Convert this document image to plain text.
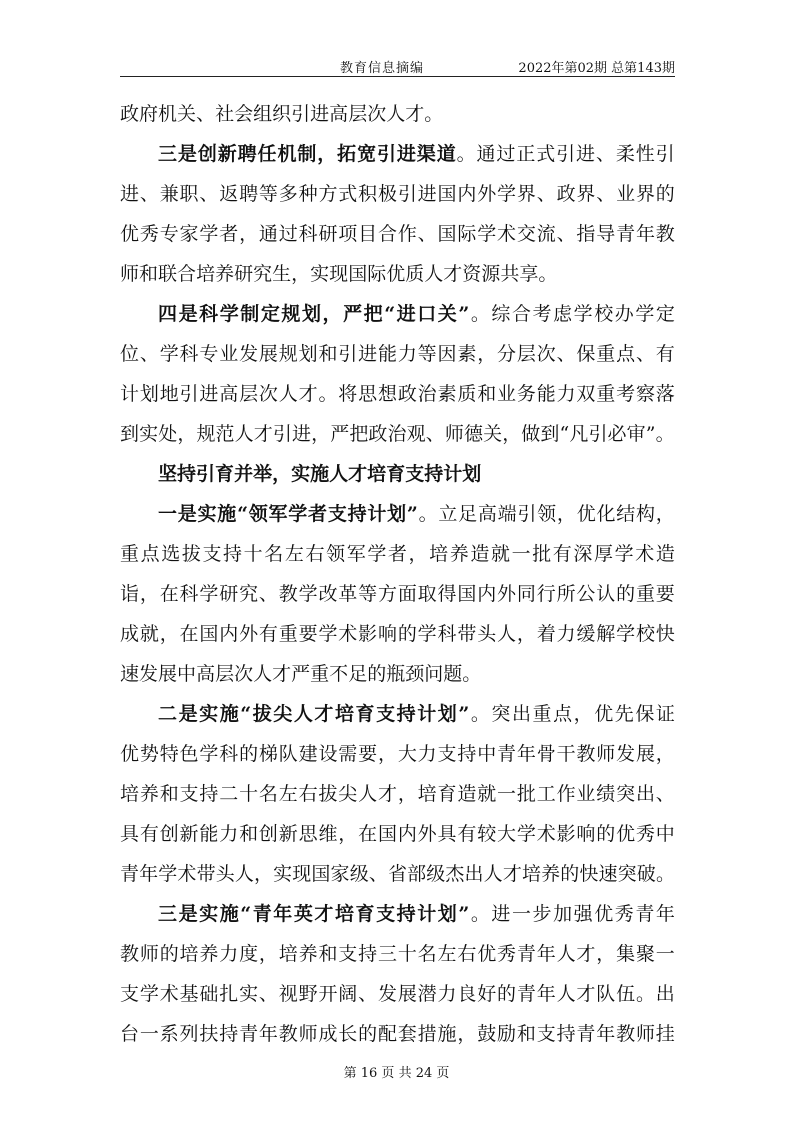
教育信息摘编	2022年第02期 总第143期
政 府 机 关 、 社 会 组 织 引 进 高 层 次 人 才 。
三 是 创 新 聘 任 机 制 ， 拓 宽 引 进 渠 道 。 通 过 正 式 引 进 、 柔 性 引
进 、 兼 职 、 返 聘 等 多 种 方 式 积 极 引 进 国 内 外 学 界 、 政 界 、 业 界 的
优 秀 专 家 学 者 ， 通 过 科 研 项 目 合 作 、 国 际 学 术 交 流 、 指 导 青 年 教
师 和 联 合 培 养 研 究 生 ， 实 现 国 际 优 质 人 才 资 源 共 享 。
四 是 科 学 制 定 规 划 ， 严 把 “ 进 口 关 ” 。 综 合 考 虑 学 校 办 学 定
位 、 学 科 专 业 发 展 规 划 和 引 进 能 力 等 因 素 ， 分 层 次 、 保 重 点 、 有
计 划 地 引 进 高 层 次 人 才 。 将 思 想 政 治 素 质 和 业 务 能 力 双 重 考 察 落
到 实 处 ， 规 范 人 才 引 进 ， 严 把 政 治 观 、 师 德 关 ， 做 到 “ 凡 引 必 审 ” 。
坚 持 引 育 并 举 ， 实 施 人 才 培 育 支 持 计 划
一 是 实 施 “ 领 军 学 者 支 持 计 划 ” 。 立 足 高 端 引 领 ， 优 化 结 构 ，
重 点 选 拔 支 持 十 名 左 右 领 军 学 者 ， 培 养 造 就 一 批 有 深 厚 学 术 造
诣 ， 在 科 学 研 究 、 教 学 改 革 等 方 面 取 得 国 内 外 同 行 所 公 认 的 重 要
成 就 ， 在 国 内 外 有 重 要 学 术 影 响 的 学 科 带 头 人 ， 着 力 缓 解 学 校 快
速 发 展 中 高 层 次 人 才 严 重 不 足 的 瓶 颈 问 题 。
二 是 实 施 “ 拔 尖 人 才 培 育 支 持 计 划 ” 。 突 出 重 点 ， 优 先 保 证
优 势 特 色 学 科 的 梯 队 建 设 需 要 ， 大 力 支 持 中 青 年 骨 干 教 师 发 展 ，
培 养 和 支 持 二 十 名 左 右 拔 尖 人 才 ， 培 育 造 就 一 批 工 作 业 绩 突 出 、
具 有 创 新 能 力 和 创 新 思 维 ， 在 国 内 外 具 有 较 大 学 术 影 响 的 优 秀 中
青 年 学 术 带 头 人 ， 实 现 国 家 级 、 省 部 级 杰 出 人 才 培 养 的 快 速 突 破 。
三 是 实 施 “ 青 年 英 才 培 育 支 持 计 划 ” 。 进 一 步 加 强 优 秀 青 年
教 师 的 培 养 力 度 ， 培 养 和 支 持 三 十 名 左 右 优 秀 青 年 人 才 ， 集 聚 一
支 学 术 基 础 扎 实 、 视 野 开 阔 、 发 展 潜 力 良 好 的 青 年 人 才 队 伍 。 出
台 一 系 列 扶 持 青 年 教 师 成 长 的 配 套 措 施 ， 鼓 励 和 支 持 青 年 教 师 挂
第 16 页 共 24 页
